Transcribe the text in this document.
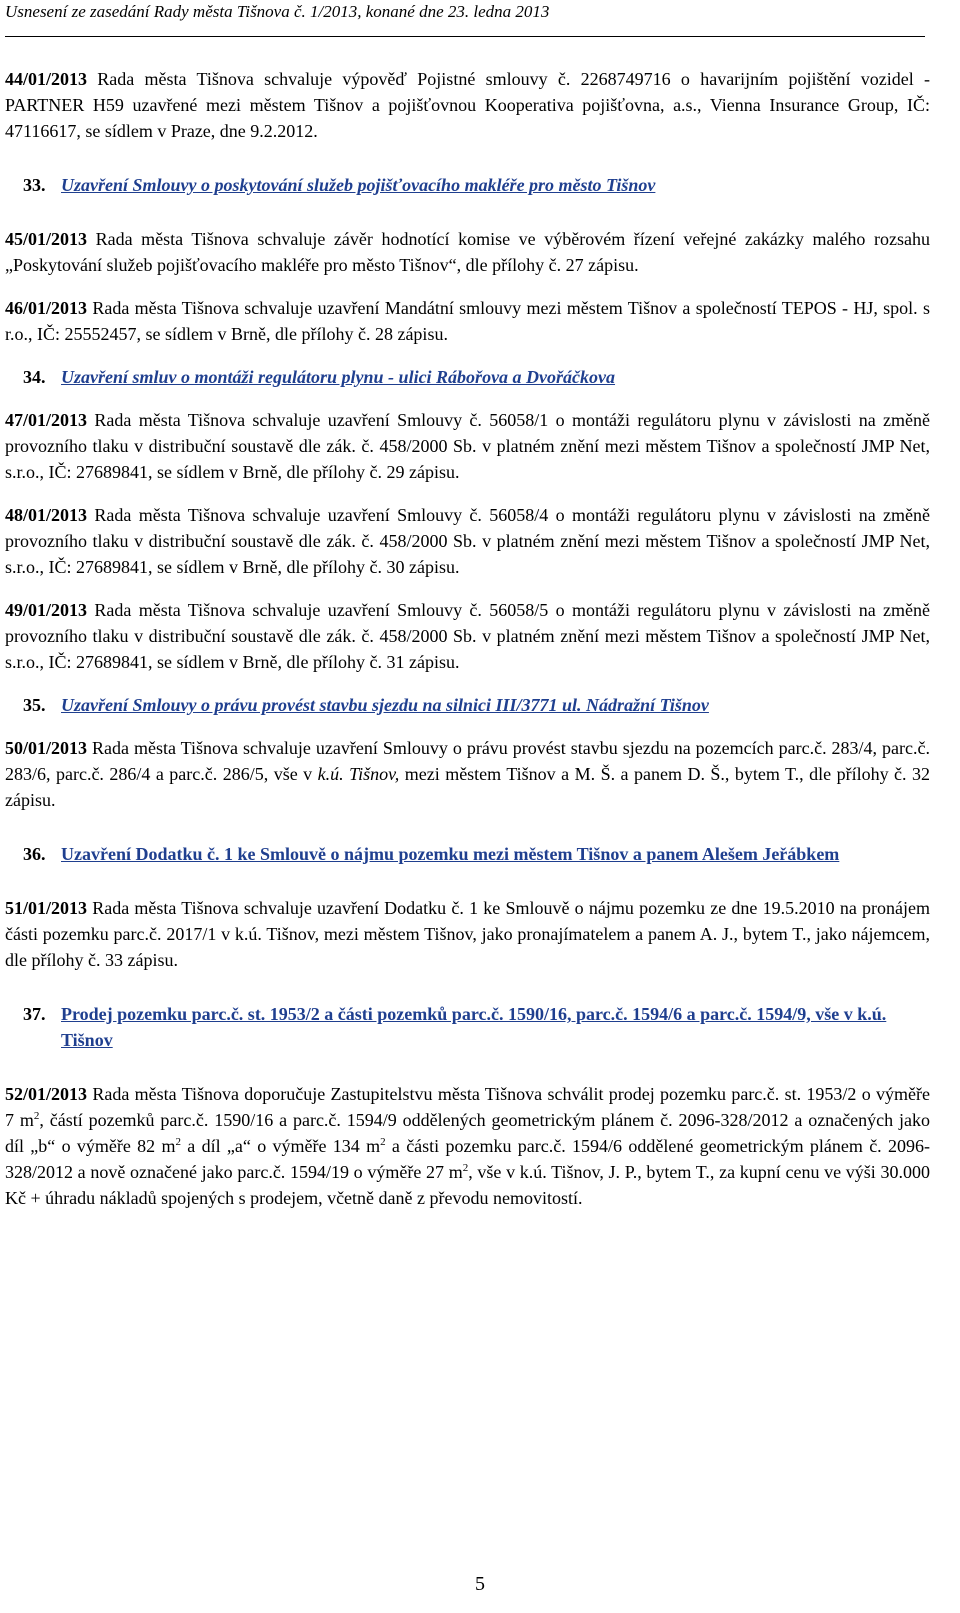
Usnesení ze zasedání Rady města Tišnova č. 1/2013, konané dne 23. ledna 2013

44/01/2013 Rada města Tišnova schvaluje výpověď Pojistné smlouvy č. 2268749716 o havarijním pojištění vozidel - PARTNER H59 uzavřené mezi městem Tišnov a pojišťovnou Kooperativa pojišťovna, a.s., Vienna Insurance Group, IČ: 47116617, se sídlem v Praze, dne 9.2.2012.

33. Uzavření Smlouvy o poskytování služeb pojišťovacího makléře pro město Tišnov

45/01/2013 Rada města Tišnova schvaluje závěr hodnotící komise ve výběrovém řízení veřejné zakázky malého rozsahu „Poskytování služeb pojišťovacího makléře pro město Tišnov“, dle přílohy č. 27 zápisu.

46/01/2013 Rada města Tišnova schvaluje uzavření Mandátní smlouvy mezi městem Tišnov a společností TEPOS - HJ, spol. s r.o., IČ: 25552457, se sídlem v Brně, dle přílohy č. 28 zápisu.

34. Uzavření smluv o montáži regulátoru plynu - ulici Rábořova a Dvořáčkova

47/01/2013 Rada města Tišnova schvaluje uzavření Smlouvy č. 56058/1 o montáži regulátoru plynu v závislosti na změně provozního tlaku v distribuční soustavě dle zák. č. 458/2000 Sb. v platném znění mezi městem Tišnov a společností JMP Net, s.r.o., IČ: 27689841, se sídlem v Brně, dle přílohy č. 29 zápisu.

48/01/2013 Rada města Tišnova schvaluje uzavření Smlouvy č. 56058/4 o montáži regulátoru plynu v závislosti na změně provozního tlaku v distribuční soustavě dle zák. č. 458/2000 Sb. v platném znění mezi městem Tišnov a společností JMP Net, s.r.o., IČ: 27689841, se sídlem v Brně, dle přílohy č. 30 zápisu.

49/01/2013 Rada města Tišnova schvaluje uzavření Smlouvy č. 56058/5 o montáži regulátoru plynu v závislosti na změně provozního tlaku v distribuční soustavě dle zák. č. 458/2000 Sb. v platném znění mezi městem Tišnov a společností JMP Net, s.r.o., IČ: 27689841, se sídlem v Brně, dle přílohy č. 31 zápisu.

35. Uzavření Smlouvy o právu provést stavbu sjezdu na silnici III/3771 ul. Nádražní Tišnov

50/01/2013 Rada města Tišnova schvaluje uzavření Smlouvy o právu provést stavbu sjezdu na pozemcích parc.č. 283/4, parc.č. 283/6, parc.č. 286/4 a parc.č. 286/5, vše v k.ú. Tišnov, mezi městem Tišnov a M. Š. a panem D. Š., bytem T., dle přílohy č. 32 zápisu.

36. Uzavření Dodatku č. 1 ke Smlouvě o nájmu pozemku mezi městem Tišnov a panem Alešem Jeřábkem

51/01/2013 Rada města Tišnova schvaluje uzavření Dodatku č. 1 ke Smlouvě o nájmu pozemku ze dne 19.5.2010 na pronájem části pozemku parc.č. 2017/1 v k.ú. Tišnov, mezi městem Tišnov, jako pronajímatelem a panem A. J., bytem T., jako nájemcem, dle přílohy č. 33 zápisu.

37. Prodej pozemku parc.č. st. 1953/2 a části pozemků parc.č. 1590/16, parc.č. 1594/6 a parc.č. 1594/9, vše v k.ú. Tišnov

52/01/2013 Rada města Tišnova doporučuje Zastupitelstvu města Tišnova schválit prodej pozemku parc.č. st. 1953/2 o výměře 7 $m^2$, částí pozemků parc.č. 1590/16 a parc.č. 1594/9 oddělených geometrickým plánem č. 2096-328/2012 a označených jako díl „b“ o výměře 82 $m^2$ a díl „a“ o výměře 134 $m^2$ a části pozemku parc.č. 1594/6 oddělené geometrickým plánem č. 2096-328/2012 a nově označené jako parc.č. 1594/19 o výměře 27 $m^2$, vše v k.ú. Tišnov, J. P., bytem T., za kupní cenu ve výši 30.000 Kč + úhradu nákladů spojených s prodejem, včetně daně z převodu nemovitostí.

5
